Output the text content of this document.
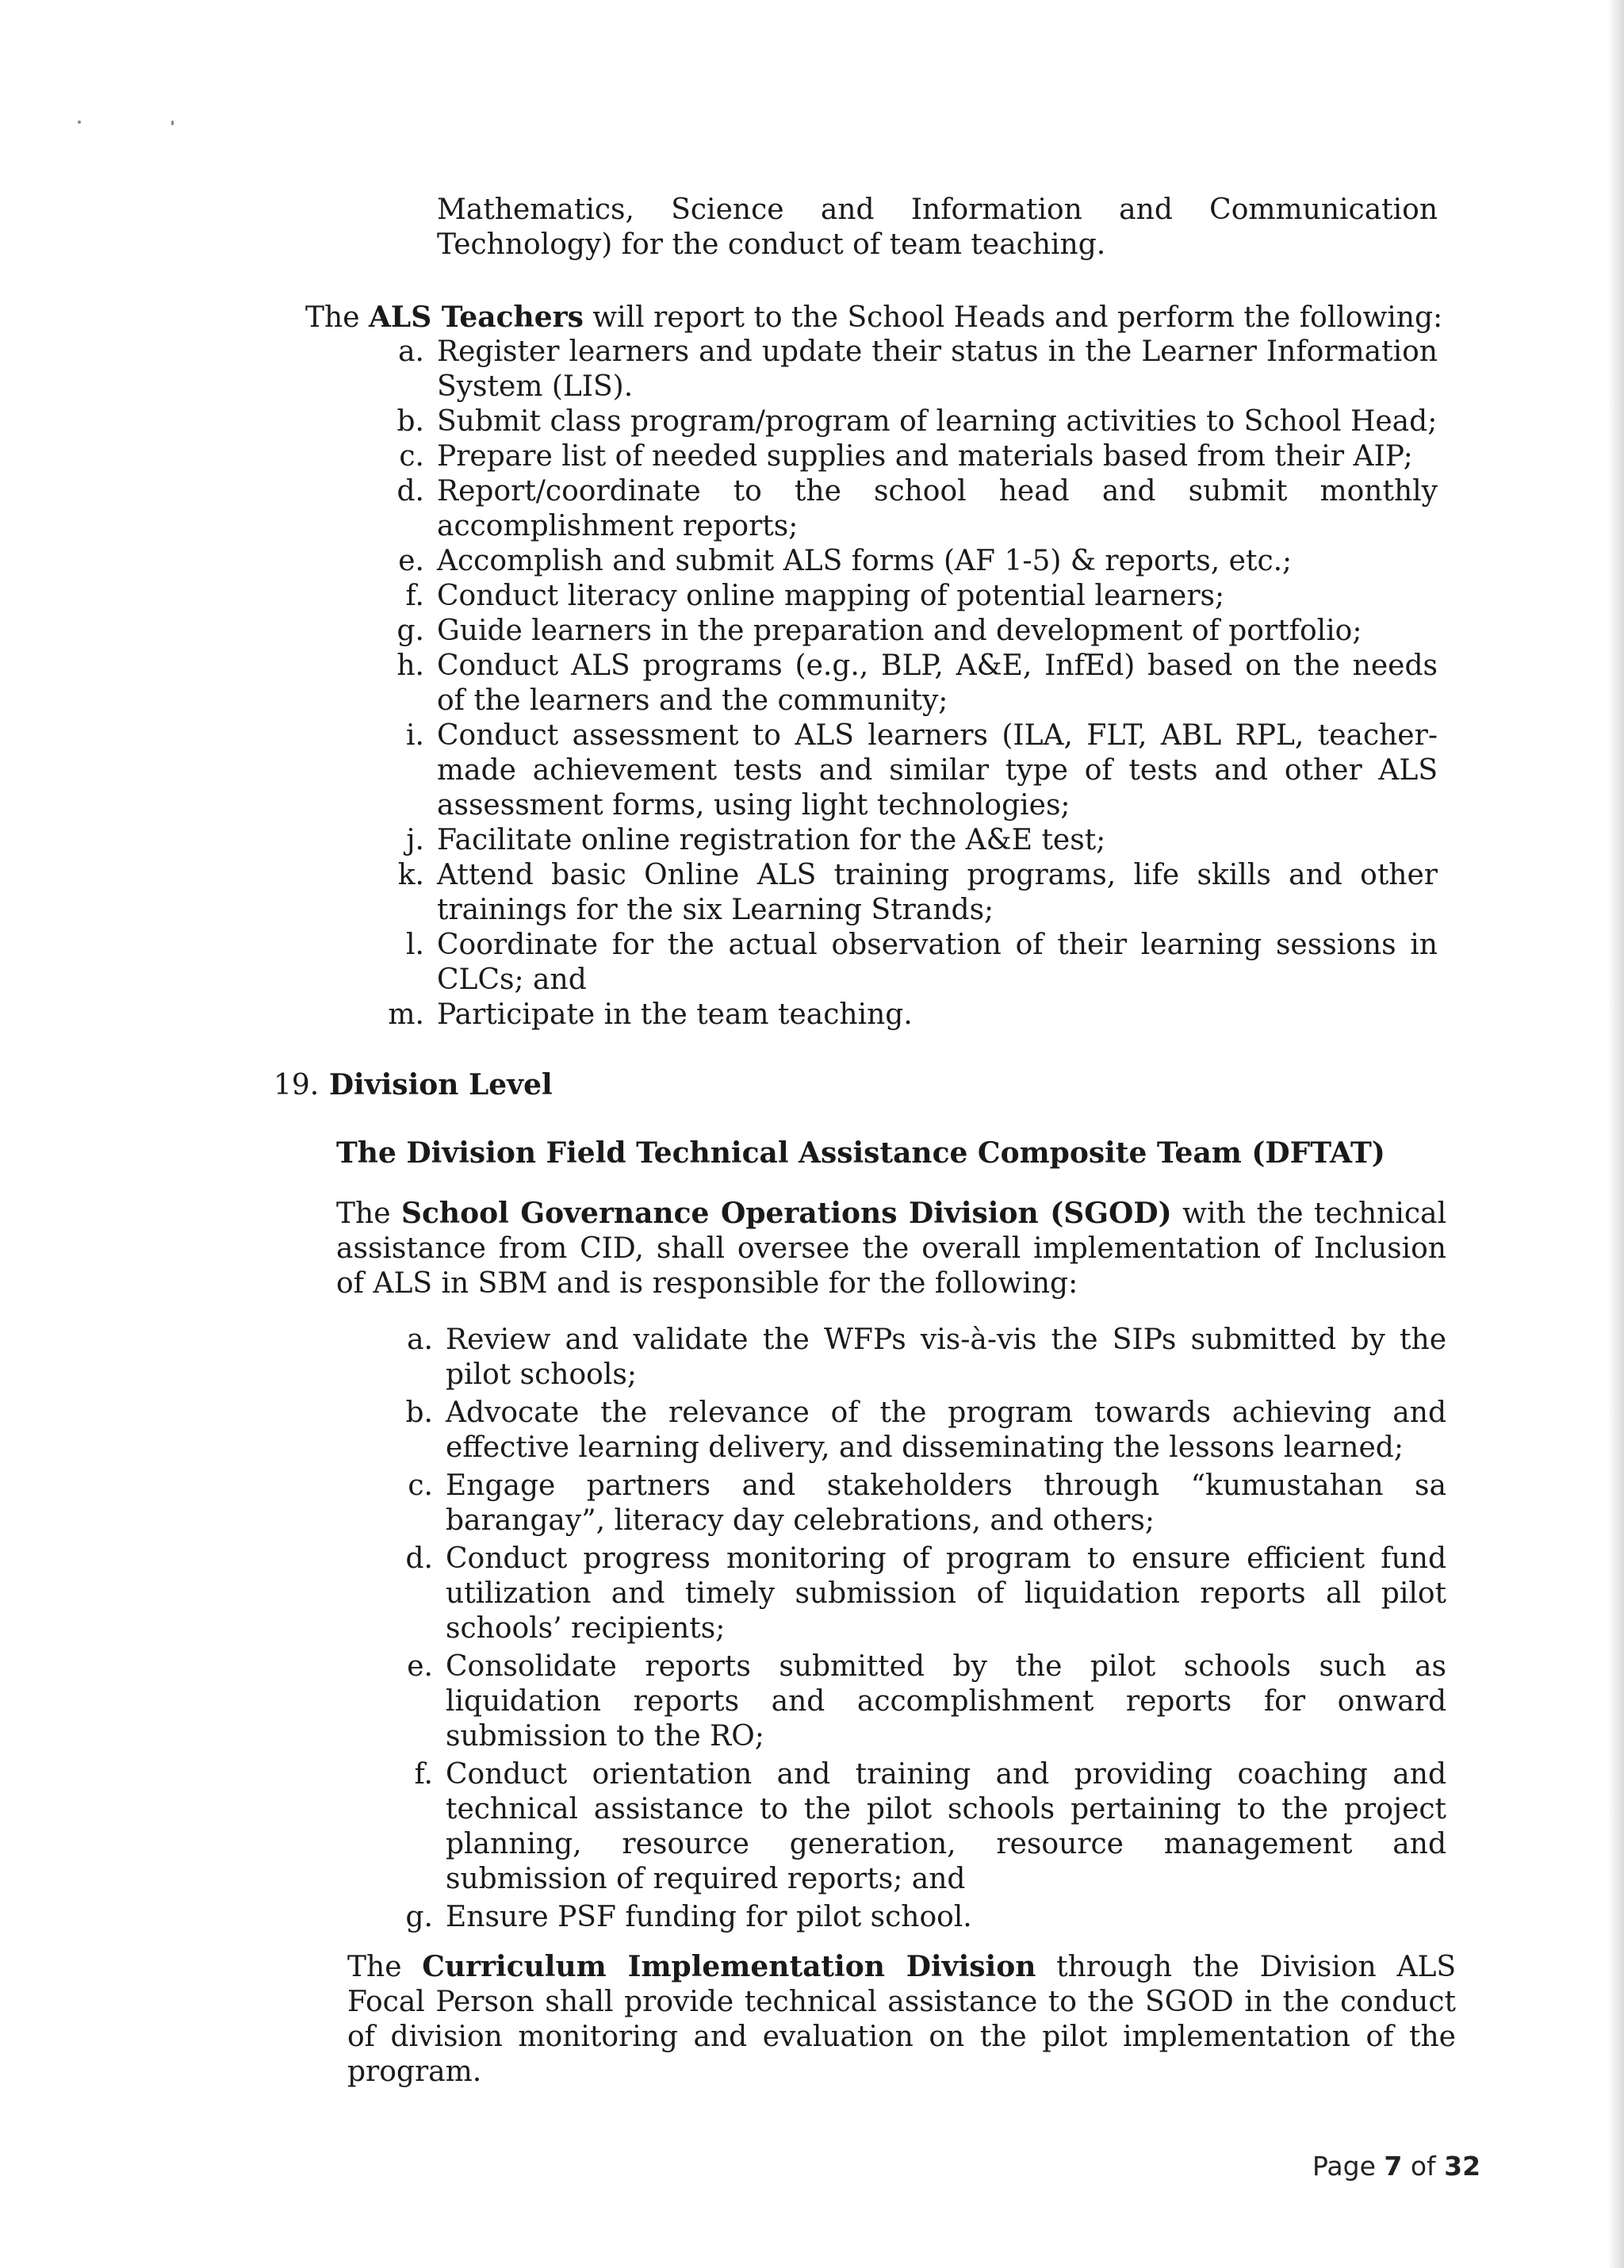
Mathematics, Science and Information and Communication
Technology) for the conduct of team teaching.
The ALS Teachers will report to the School Heads and perform the following:
a. Register learners and update their status in the Learner Information System (LIS).
b. Submit class program/program of learning activities to School Head;
c. Prepare list of needed supplies and materials based from their AIP;
d. Report/coordinate to the school head and submit monthly accomplishment reports;
e. Accomplish and submit ALS forms (AF 1-5) & reports, etc.;
f. Conduct literacy online mapping of potential learners;
g. Guide learners in the preparation and development of portfolio;
h. Conduct ALS programs (e.g., BLP, A&E, InfEd) based on the needs of the learners and the community;
i. Conduct assessment to ALS learners (ILA, FLT, ABL RPL, teacher-made achievement tests and similar type of tests and other ALS assessment forms, using light technologies;
j. Facilitate online registration for the A&E test;
k. Attend basic Online ALS training programs, life skills and other trainings for the six Learning Strands;
l. Coordinate for the actual observation of their learning sessions in CLCs; and
m. Participate in the team teaching.
19. Division Level
The Division Field Technical Assistance Composite Team (DFTAT)
The School Governance Operations Division (SGOD) with the technical assistance from CID, shall oversee the overall implementation of Inclusion of ALS in SBM and is responsible for the following:
a. Review and validate the WFPs vis-à-vis the SIPs submitted by the pilot schools;
b. Advocate the relevance of the program towards achieving and effective learning delivery, and disseminating the lessons learned;
c. Engage partners and stakeholders through “kumustahan sa barangay”, literacy day celebrations, and others;
d. Conduct progress monitoring of program to ensure efficient fund utilization and timely submission of liquidation reports all pilot schools’ recipients;
e. Consolidate reports submitted by the pilot schools such as liquidation reports and accomplishment reports for onward submission to the RO;
f. Conduct orientation and training and providing coaching and technical assistance to the pilot schools pertaining to the project planning, resource generation, resource management and submission of required reports; and
g. Ensure PSF funding for pilot school.
The Curriculum Implementation Division through the Division ALS Focal Person shall provide technical assistance to the SGOD in the conduct of division monitoring and evaluation on the pilot implementation of the program.
Page 7 of 32
